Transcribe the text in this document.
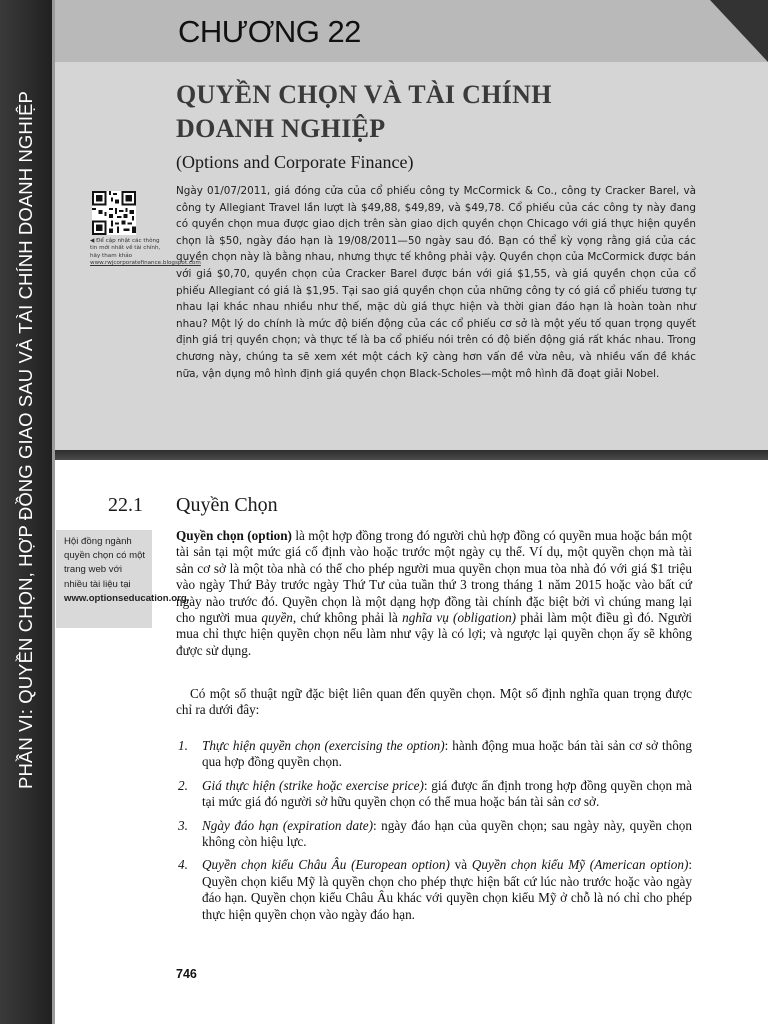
PHẦN VI: QUYỀN CHỌN, HỢP ĐỒNG GIAO SAU VÀ TÀI CHÍNH DOANH NGHIỆP
CHƯƠNG 22
QUYỀN CHỌN VÀ TÀI CHÍNH
DOANH NGHIỆP
(Options and Corporate Finance)
◀ Để cập nhật các thông tin mới nhất về tài chính, hãy tham khảo www.rwjcorporatefinance.blogspot.com
Ngày 01/07/2011, giá đóng cửa của cổ phiếu công ty McCormick & Co., công ty Cracker Barel, và công ty Allegiant Travel lần lượt là $49,88, $49,89, và $49,78. Cổ phiếu của các công ty này đang có quyền chọn mua được giao dịch trên sàn giao dịch quyền chọn Chicago với giá thực hiện quyền chọn là $50, ngày đáo hạn là 19/08/2011—50 ngày sau đó. Bạn có thể kỳ vọng rằng giá của các quyền chọn này là bằng nhau, nhưng thực tế không phải vậy. Quyền chọn của McCormick được bán với giá $0,70, quyền chọn của Cracker Barel được bán với giá $1,55, và giá quyền chọn của cổ phiếu Allegiant có giá là $1,95. Tại sao giá quyền chọn của những công ty có giá cổ phiếu tương tự nhau lại khác nhau nhiều như thế, mặc dù giá thực hiện và thời gian đáo hạn là hoàn toàn như nhau? Một lý do chính là mức độ biến động của các cổ phiếu cơ sở là một yếu tố quan trọng quyết định giá trị quyền chọn; và thực tế là ba cổ phiếu nói trên có độ biến động giá rất khác nhau. Trong chương này, chúng ta sẽ xem xét một cách kỹ càng hơn vấn đề vừa nêu, và nhiều vấn đề khác nữa, vận dụng mô hình định giá quyền chọn Black-Scholes—một mô hình đã đoạt giải Nobel.
22.1 Quyền Chọn
Hội đồng ngành quyền chọn có một trang web với nhiều tài liệu tại www.optionseducation.org.
Quyền chọn (option) là một hợp đồng trong đó người chủ hợp đồng có quyền mua hoặc bán một tài sản tại một mức giá cố định vào hoặc trước một ngày cụ thể. Ví dụ, một quyền chọn mà tài sản cơ sở là một tòa nhà có thể cho phép người mua quyền chọn mua tòa nhà đó với giá $1 triệu vào ngày Thứ Bảy trước ngày Thứ Tư của tuần thứ 3 trong tháng 1 năm 2015 hoặc vào bất cứ ngày nào trước đó. Quyền chọn là một dạng hợp đồng tài chính đặc biệt bởi vì chúng mang lại cho người mua quyền, chứ không phải là nghĩa vụ (obligation) phải làm một điều gì đó. Người mua chỉ thực hiện quyền chọn nếu làm như vậy là có lợi; và ngược lại quyền chọn ấy sẽ không được sử dụng.
Có một số thuật ngữ đặc biệt liên quan đến quyền chọn. Một số định nghĩa quan trọng được chỉ ra dưới đây:
1. Thực hiện quyền chọn (exercising the option): hành động mua hoặc bán tài sản cơ sở thông qua hợp đồng quyền chọn.
2. Giá thực hiện (strike hoặc exercise price): giá được ấn định trong hợp đồng quyền chọn mà tại mức giá đó người sở hữu quyền chọn có thể mua hoặc bán tài sản cơ sở.
3. Ngày đáo hạn (expiration date): ngày đáo hạn của quyền chọn; sau ngày này, quyền chọn không còn hiệu lực.
4. Quyền chọn kiểu Châu Âu (European option) và Quyền chọn kiểu Mỹ (American option): Quyền chọn kiểu Mỹ là quyền chọn cho phép thực hiện bất cứ lúc nào trước hoặc vào ngày đáo hạn. Quyền chọn kiểu Châu Âu khác với quyền chọn kiểu Mỹ ở chỗ là nó chỉ cho phép thực hiện quyền chọn vào ngày đáo hạn.
746
